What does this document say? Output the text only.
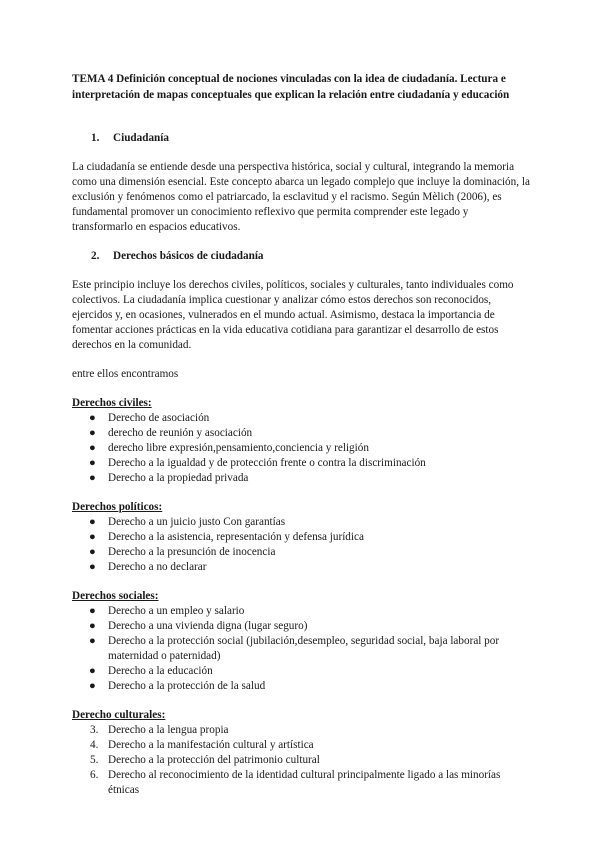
TEMA 4 Definición conceptual de nociones vinculadas con la idea de ciudadanía. Lectura e interpretación de mapas conceptuales que explican la relación entre ciudadanía y educación

1.	Ciudadanía

La ciudadanía se entiende desde una perspectiva histórica, social y cultural, integrando la memoria como una dimensión esencial. Este concepto abarca un legado complejo que incluye la dominación, la exclusión y fenómenos como el patriarcado, la esclavitud y el racismo. Según Mèlich (2006), es fundamental promover un conocimiento reflexivo que permita comprender este legado y transformarlo en espacios educativos.

2.	Derechos básicos de ciudadanía

Este principio incluye los derechos civiles, políticos, sociales y culturales, tanto individuales como colectivos. La ciudadanía implica cuestionar y analizar cómo estos derechos son reconocidos, ejercidos y, en ocasiones, vulnerados en el mundo actual. Asimismo, destaca la importancia de fomentar acciones prácticas en la vida educativa cotidiana para garantizar el desarrollo de estos derechos en la comunidad.

entre ellos encontramos

Derechos civiles:

●	Derecho de asociación
●	derecho de reunión y asociación
●	derecho libre expresión,pensamiento,conciencia y religión
●	Derecho a la igualdad y de protección frente o contra la discriminación
●	Derecho a la propiedad privada

Derechos políticos:

●	Derecho a un juicio justo Con garantías
●	Derecho a la asistencia, representación y defensa jurídica
●	Derecho a la presunción de inocencia
●	Derecho a no declarar

Derechos sociales:

●	Derecho a un empleo y salario
●	Derecho a una vivienda digna (lugar seguro)
●	Derecho a la protección social (jubilación,desempleo, seguridad social, baja laboral por maternidad o paternidad)
●	Derecho a la educación
●	Derecho a la protección de la salud

Derecho culturales:

3. Derecho a la lengua propia
4. Derecho a la manifestación cultural y artística
5. Derecho a la protección del patrimonio cultural
6. Derecho al reconocimiento de la identidad cultural principalmente ligado a las minorías étnicas
